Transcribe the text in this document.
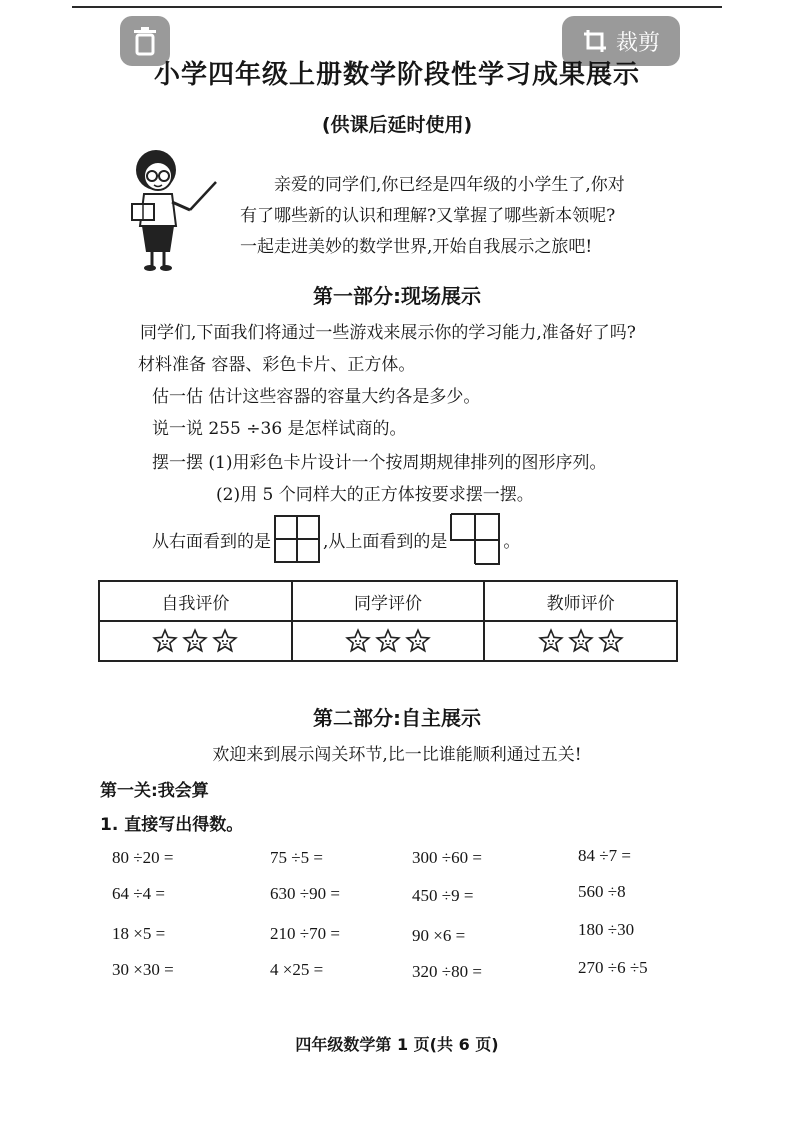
裁剪
小学四年级上册数学阶段性学习成果展示
(供课后延时使用)

亲爱的同学们,你已经是四年级的小学生了,你对

有了哪些新的认识和理解?又掌握了哪些新本领呢?

一起走进美妙的数学世界,开始自我展示之旅吧!

第一部分:现场展示
同学们,下面我们将通过一些游戏来展示你的学习能力,准备好了吗?
材料准备 容器、彩色卡片、正方体。
估一估 估计这些容器的容量大约各是多少。
说一说 255 ÷36 是怎样试商的。
摆一摆 (1)用彩色卡片设计一个按周期规律排列的图形序列。
(2)用 5 个同样大的正方体按要求摆一摆。
从右面看到的是	,从上面看到的是	。
自我评价	同学评价	教师评价

第二部分:自主展示
欢迎来到展示闯关环节,比一比谁能顺利通过五关!
第一关:我会算
1. 直接写出得数。
80 ÷20 =	75 ÷5 =	300 ÷60 =	84 ÷7 =
64 ÷4 =	630 ÷90 =	450 ÷9 =	560 ÷8
18 ×5 =	210 ÷70 =	90 ×6 =	180 ÷30
30 ×30 =	4 ×25 =	320 ÷80 =	270 ÷6 ÷5
四年级数学第 1 页(共 6 页)
